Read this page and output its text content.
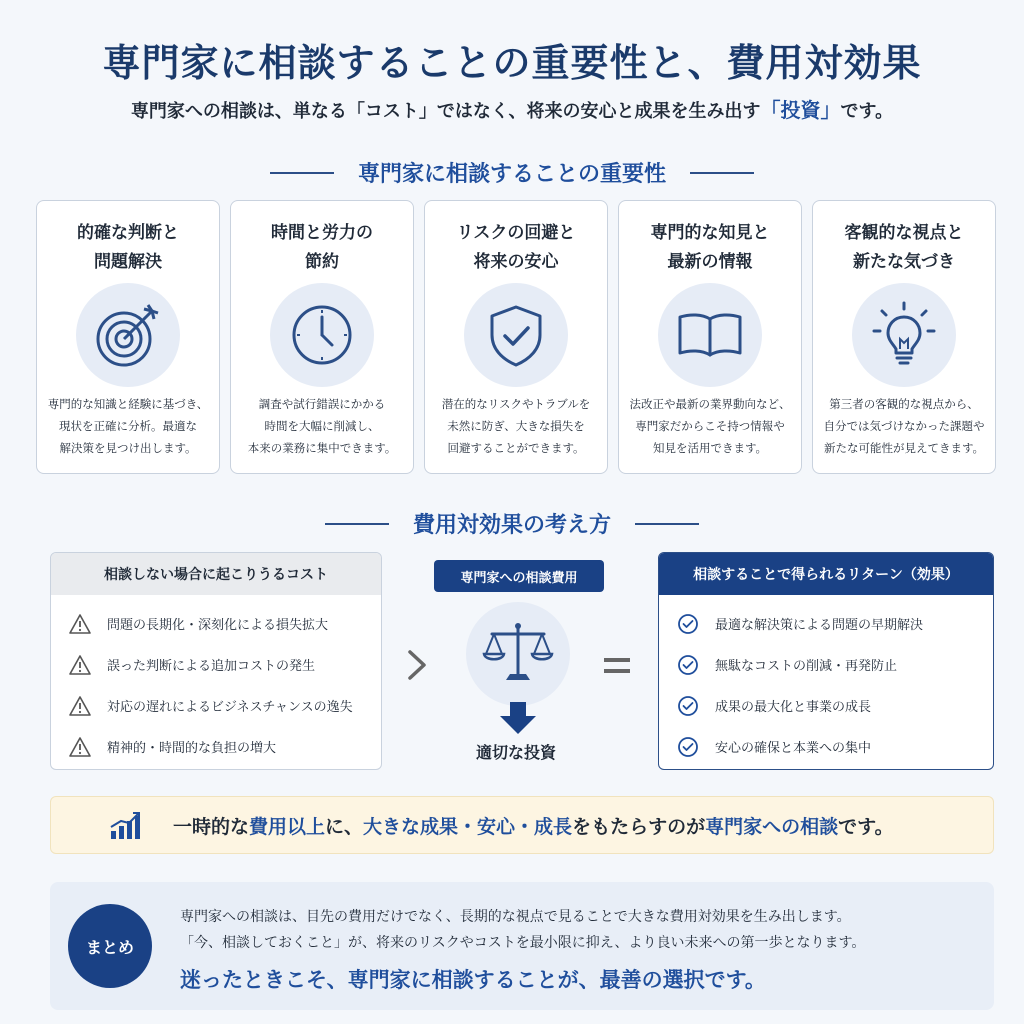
専門家に相談することの重要性と、費用対効果
専門家への相談は、単なる「コスト」ではなく、将来の安心と成果を生み出す「投資」です。
専門家に相談することの重要性
的確な判断と
問題解決
専門的な知識と経験に基づき、
現状を正確に分析。最適な
解決策を見つけ出します。
時間と労力の
節約
調査や試行錯誤にかかる
時間を大幅に削減し、
本来の業務に集中できます。
リスクの回避と
将来の安心
潜在的なリスクやトラブルを
未然に防ぎ、大きな損失を
回避することができます。
専門的な知見と
最新の情報
法改正や最新の業界動向など、
専門家だからこそ持つ情報や
知見を活用できます。
客観的な視点と
新たな気づき
第三者の客観的な視点から、
自分では気づけなかった課題や
新たな可能性が見えてきます。
費用対効果の考え方
相談しない場合に起こりうるコスト
問題の長期化・深刻化による損失拡大
誤った判断による追加コストの発生
対応の遅れによるビジネスチャンスの逸失
精神的・時間的な負担の増大
専門家への相談費用
適切な投資
相談することで得られるリターン（効果）
最適な解決策による問題の早期解決
無駄なコストの削減・再発防止
成果の最大化と事業の成長
安心の確保と本業への集中
一時的な費用以上に、大きな成果・安心・成長をもたらすのが専門家への相談です。
まとめ
専門家への相談は、目先の費用だけでなく、長期的な視点で見ることで大きな費用対効果を生み出します。
「今、相談しておくこと」が、将来のリスクやコストを最小限に抑え、より良い未来への第一歩となります。
迷ったときこそ、専門家に相談することが、最善の選択です。
